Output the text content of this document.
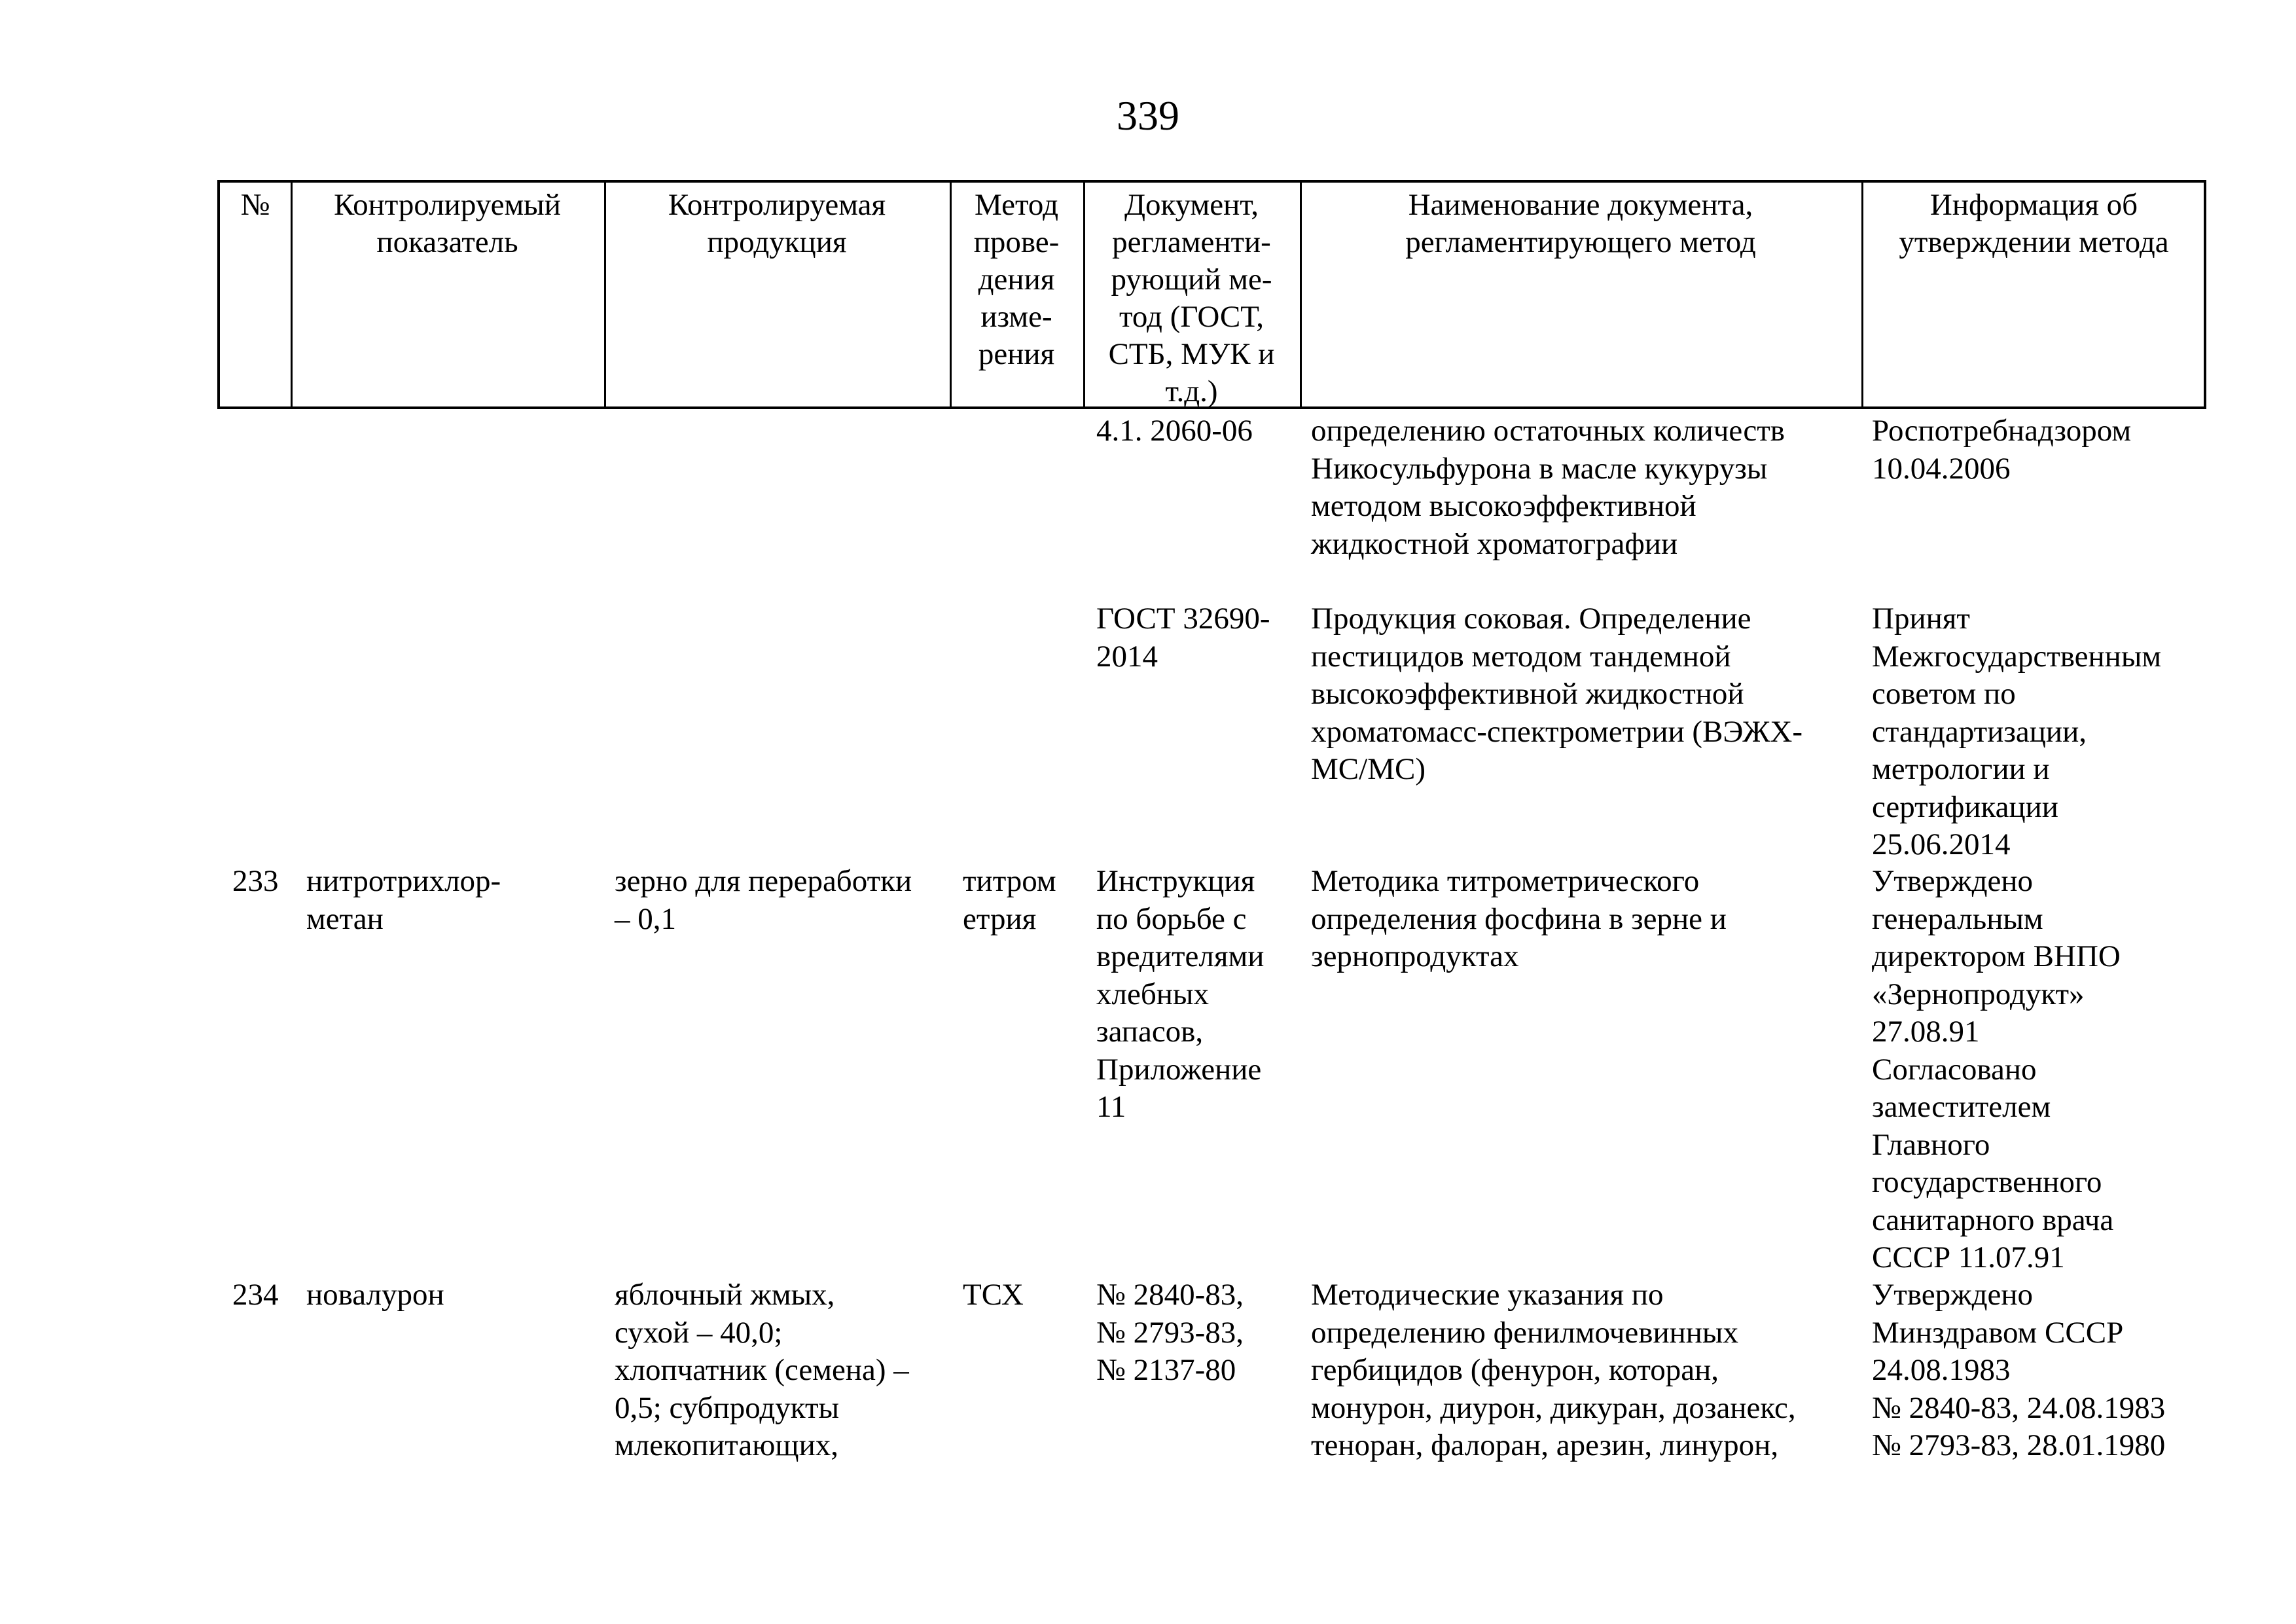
339
№	Контролируемый
показатель
Контролируемая
продукция
Метод
прове-
дения
изме-
рения
Документ,
регламенти-
рующий ме-
тод (ГОСТ,
СТБ, МУК и
т.д.)
Наименование документа,
регламентирующего метод
Информация об
утверждении метода
4.1. 2060-06 определению остаточных количеств
Никосульфурона в масле кукурузы
методом высокоэффективной
жидкостной хроматографии
Роспотребнадзором
10.04.2006
ГОСТ 32690-
2014
Продукция соковая. Определение
пестицидов методом тандемной
высокоэффективной жидкостной
хроматомасс-спектрометрии (ВЭЖХ-
МС/МС)
Принят
Межгосударственным
советом по
стандартизации,
метрологии и
сертификации
25.06.2014
233 нитротрихлор-
метан
зерно для переработки
– 0,1
титром
етрия
Инструкция
по борьбе с
вредителями
хлебных
запасов,
Приложение
11
Методика титрометрического
определения фосфина в зерне и
зернопродуктах
Утверждено
генеральным
директором ВНПО
«Зернопродукт»
27.08.91
Согласовано
заместителем
Главного
государственного
санитарного врача
СССР 11.07.91
234 новалурон	яблочный жмых,
сухой – 40,0;
хлопчатник (семена) –
0,5; субпродукты
млекопитающих,
ТСХ № 2840-83,
№ 2793-83,
№ 2137-80
Методические указания по
определению фенилмочевинных
гербицидов (фенурон, которан,
монурон, диурон, дикуран, дозанекс,
теноран, фалоран, арезин, линурон,
Утверждено
Минздравом СССР
24.08.1983
№ 2840-83, 24.08.1983
№ 2793-83, 28.01.1980
